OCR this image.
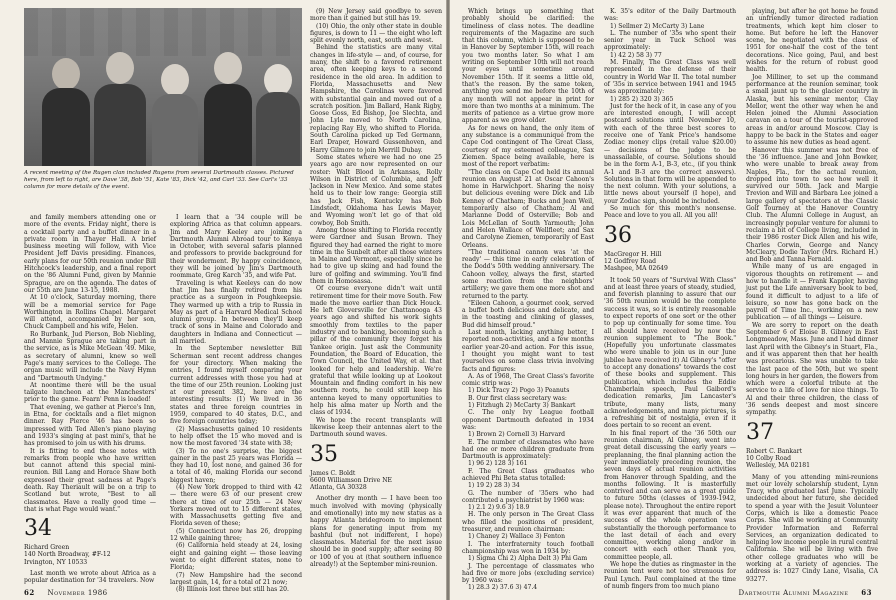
A recent meeting of the Rugen clan included Rugens from several Dartmouth classes. Pictured here, from left to right, are Dave '38, Bob '51, Kate '83, Dick '42, and Carl '33. See Carl's '33 column for more details of the event.

and family members attending one or more of the events. Friday night, there is a cocktail party and a buffet dinner in a private room in Thayer Hall. A brief business meeting will follow, with Vice President Jeff Davis presiding. Finances, early plans for our 50th reunion under Bill Hitchcock's leadership, and a final report on the '86 Alumni Fund, given by Mannie Sprague, are on the agenda. The dates of our 55th are June 13-15, 1988.

At 10 o'clock, Saturday morning, there will be a memorial service for Page Worthington in Rollins Chapel. Margaret will attend, accompanied by her son, Chuck Campbell and his wife, Helen.

Ro Burbank, Jud Pierson, Bob Niebling, and Mannie Sprague are taking part in the service, as is Mike McGean '49. Mike, as secretary of alumni, knew so well Page's many services to the College. The organ music will include the Navy Hymn and "Dartmouth Undying."

At noontime there will be the usual tailgate luncheon at the Manchesters' prior to the game. Fearn' Penn is loaded!

That evening, we gather at Pierce's Inn, in Etna, for cocktails and a filet mignon dinner. Ray Pierce '46 has been so impressed with Ted Allen's piano playing and 1933's singing at past mini's, that he has promised to join us with his drums.

It is fitting to end these notes with remarks from people who have written but cannot attend this special mini-reunion. Bill Lang and Horace Shaw both expressed their great sadness at Page's death. Ray Theriault will be on a trip to Scotland but wrote, "Best to all classmates. Have a really good time — that is what Page would want."

34
Richard Green
140 North Broadway, #F-12
Irvington, NY 10533

Last month we wrote about Africa as a popular destination for '34 travelers. Now

I learn that a '34 couple will be exploring Africa as that column appears. Jim and Mary Keeley are joining a Dartmouth Alumni Abroad tour to Kenya in October, with several safaris planned and professors to provide background for their wonderment. By happy coincidence, they will be joined by Jim's Dartmouth roommate, Greg Karch '35, and wife Pat.

Traveling is what Keeleys can do now that Jim has finally retired from his practice as a surgeon in Poughkeepsie. They warmed up with a trip to Russia in May as part of a Harvard Medical School alumni group. In between they'll keep track of sons in Maine and Colorado and daughters in Indiana and Connecticut — all married.

In the September newsletter Bill Scherman sent recent address changes for your directory. When making the entries, I found myself comparing your current addresses with those you had at the time of our 25th reunion. Looking just at our present 382, here are the interesting results: (1) We lived in 36 states and three foreign countries in 1959, compared to 40 states, D.C., and five foreign countries today;

(2) Massachusetts gained 10 residents to help offset the 15 who moved and is now the most favored '34 state with 38;

(3) To no one's surprise, the biggest gainer in the past 25 years was Florida — they had 10, lost none, and gained 36 for a total of 46, making Florida our second biggest haven;

(4) New York dropped to third with 42 — there were 63 of our present crew there at time of our 25th — 24 New Yorkers moved out to 15 different states, with Massachusetts getting five and Florida seven of these;

(5) Connecticut now has 26, dropping 12 while gaining three;

(6) California held steady at 24, losing eight and gaining eight — those leaving went to eight different states, none to Florida;

(7) New Hampshire had the second largest gain, 14, for a total of 21 now;

(8) Illinois lost three but still has 20.

(9) New Jersey said goodbye to seven more than it gained but still has 19.

(10) Ohio, the only other state in double figures, is down to 11 — the eight who left split evenly north, east, south and west.

Behind the statistics are many vital changes in life-style — and, of course, for many, the shift to a favored retirement area, often keeping keys to a second residence in the old area. In addition to Florida, Massachusetts and New Hampshire, the Carolinas were favored with substantial gain and moved out of a scratch position. Jim Ballard, Hank Rigby, Goose Goss, Ed Bishop, Joe Slechta, and John Lyle moved to North Carolina, replacing Ray Ely, who shifted to Florida. South Carolina picked up Ted Germann, Earl Draper, Howard Gussenhoven, and Harry Gilmore to join Merrill Dubay.

Some states where we had no one 25 years ago are now represented on our roster: Walt Blood in Arkansas, Rolly Wilson in District of Columbia, and Jeff Jackson in New Mexico. And some states held us to their low range: Georgia still has Jack Fish, Kentucky has Bob Lindstedt, Oklahoma has Lewis Mayer, and Wyoming won't let go of that old cowboy, Bob Smith.

Among those shifting to Florida recently were Gardner and Susan Brown. They figured they had earned the right to more time in the Sunbelt after all those winters in Maine and Vermont, especially since he had to give up skiing and had found the lure of golfing and swimming. You'll find them in Homosassa.

Of course everyone didn't wait until retirement time for their move South. Few made the move earlier than Dick Houck. He left Gloversville for Chattanooga 43 years ago and shifted his work sights smoothly from textiles to the paper industry and to banking, becoming such a pillar of the community they forget his Yankee origin. Just ask the Community Foundation, the Board of Education, the Town Council, the United Way, et al. that looked for help and leadership. We're grateful that while looking up at Lookout Mountain and finding comfort in his new southern roots, he could still keep his antenna keyed to many opportunities to help his alma mater up North and the class of 1934.

We hope the recent transplants will likewise keep their antennas alert to the Dartmouth sound waves.

35
James C. Boldt
6600 Williamson Drive NE
Atlanta, GA 30328

Another dry month — I have been too much involved with moving (physically and emotionally) into my new status as a happy Atlanta bridegroom to implement plans for generating input from my bashful (but not indifferent, I hope) classmates. Material for the next issue should be in good supply; after seeing 80 or 100 of you at (that southern influence already!) at the September mini-reunion.

62 November 1986

Which brings up something that probably should be clarified: the timeliness of class notes. The deadline requirements of the Magazine are such that this column, which is supposed to be in Hanover by September 15th, will reach you two months later. So what I am writing on September 10th will not reach your eyes until sometime around November 15th. If it seems a little old, that's the reason. By the same token, anything you send me before the 10th of any month will not appear in print for more than two months at a minimum. The merits of patience as a virtue grow more apparent as we grow older.

As for news on hand, the only item of any substance is a communiqué from the Cape Cod contingent of The Great Class, courtesy of my esteemed colleague, Sax Ziemen. Space being available, here is most of the report verbatim:

"The class on Cape Cod held its annual reunion on August 21 at Oscar Cahoon's home in Harwichport. Sharing the noisy but delicious evening were Dick and Lib Kenney of Chatham; Bucks and Jean Weil, temporarily also of Chatham; Al and Marianne Dodd of Osterville; Bob and Lois McLellan of South Yarmouth; John and Helen Wallace of Wellfleet; and Sax and Carolyne Ziemen, temporarily of East Orleans.

"The traditional cannon was 'at the ready' — this time in early celebration of the Dodd's 50th wedding anniversary. The Cahoon volley, always the first, started some reaction from the neighbors' artillery; we gave them one more shot and returned to the party.

"Eileen Cahoon, a gourmet cook, served a buffet both delicious and delicate, and in the toasting and clinking of glasses, Bud did himself proud."

Last month, lacking anything better, I reported non-activities, and a few months earlier year-20-and action. For this issue, I thought you might want to test yourselves on some class trivia involving facts and figures:

A. As of 1968, The Great Class's favorite comic strip was:

1) Dick Tracy 2) Pogo 3) Peanuts

B. Our first class secretary was:

1) Fitzhugh 2) McCarty 3) Bankart

C. The only Ivy League football opponent Dartmouth defeated in 1934 was:

1) Brown 2) Cornell 3) Harvard

E. The number of classmates who have had one or more children graduate from Dartmouth is approximately:

1) 96 2) 128 3) 161

F. The Great Class graduates who achieved Phi Beta status totalled:

1) 19 2) 28 3) 34

G. The number of '35ers who had contributed a psychiatrist by 1960 was:

1) 2.1 2) 9.6 3) 18.9

H. The only person in The Great Class who filled the positions of president, treasurer, and reunion chairman:

1) Chaney 2) Wallace 3) Fenton

I. The interfraternity touch football championship was won in 1934 by:

1) Sigma Chi 2) Alpha Delt 3) Phi Gam

J. The percentage of classmates who had five or more jobs (excluding service) by 1960 was:

1) 28.3 2) 37.6 3) 47.4

K. 35's editor of the Daily Dartmouth was:

1) Sellmer 2) McCarty 3) Lane

L. The number of '35s who spent their senior year in Tuck School was approximately:

1) 42 2) 58 3) 77

M. Finally, The Great Class was well represented in the defense of their country in World War II. The total number of '35s in service between 1941 and 1945 was approximately:

1) 285 2) 320 3) 365

Just for the heck of it, in case any of you are interested enough, I will accept postcard solutions until November 10, with each of the three best scores to receive one of Yank Price's handsome Zodiac money clips (retail value $20.00) — decisions of the judge to be unassailable, of course. Solutions should be in the form A-1, B-3, etc., (if you think A-1 and B-3 are the correct answers). Solutions in that form will be appended to the next column. With your solutions, a little news about yourself (I hope), and your Zodiac sign, should be included.

So much for this month's nonsense. Peace and love to you all. All you all!

36
MacGregor H. Hill
12 Godfrey Road
Mashpee, MA 02649

It took 50 years of "Survival With Class" and at least three years of steady, studied, and feverish planning to assure that our '36 50th reunion would be the complete success it was, so it is entirely reasonable to expect reports of one sort or the other to pop up continually for some time. You all should have received by now the reunion supplement to "The Book." (Hopefully you unfortunate classmates who were unable to join us in our June jubilee have received it) Al Gibney's "offer to accept any donations" towards the cost of these books and supplement. This publication, which includes the Eddie Chamberlain speech, Paul Gaibord's dedication remarks, Jim Lancaster's tribute, many lists, many acknowledgements, and many pictures, is a refreshing bit of nostalgia, even if it does pertain to so recent an event.

In his final report of the '36 50th our reunion chairman, Al Gibney, went into great detail discussing the early years — preplanning, the final planning action the year immediately preceding reunion, the seven days of actual reunion activities from Hanover through Spalding, and the months following. It is masterfully contrived and can serve as a great guide to future 50ths (classes of 1939-1942, please note). Throughout the entire report it was ever apparent that much of the success of the whole operation was substantially the thorough performance to the last detail of each and every committee, working along and/or in concert with each other. Thank you, committee people, all.

We hope the duties as ringmaster in the reunion tent were not too strenuous for Paul Lynch. Paul complained at the time of numb fingers from too much piano

playing, but after he got home he found an unfriendly tumor directed radiation treatments, which kept him closer to home. But before he left the Hanover scene, he negotiated with the class of 1951 for one-half the cost of the tent decorations. Nice going, Paul, and best wishes for the return of robust good health.

Joe Milliner, to set up the command performance at the reunion seminar, took a small jaunt up to the glacier country in Alaska, but his seminar mentor, Clay Mellor, went the other way when he and Helen joined the Alumni Association caravan on a tour of the tourist-approved areas in and/or around Moscow. Clay is happy to be back in the States and eager to assume his new duties as head agent.

Hanover this summer was not free of the '36 influence. Jane and John Bowker, who were unable to break away from Naples, Fla., for the actual reunion, dropped into town to see how well it survived our 50th. Jack and Margie Trevion and Will and Barbara Lee joined a large gallery of spectators at the Classic Golf Tourney at the Hanover Country Club. The Alumni College in August, an increasingly popular venture for alumni to reclaim a bit of College living, included in their 1986 roster Dick Allen and his wife, Charles Corwin, George and Nancy McCleary, Dodie Taylor (Mrs. Richard H.) and Bob and Tanna Fernald.

While many of us are engaged in vigorous thoughts on retirement — and how to handle it — Frank Kappler, having just put the Life anniversary book to bed, found it difficult to adjust to a life of leisure, so now has gone back on the payroll of Time Inc., working on a new publication — of all things — Leisure.

We are sorry to report on the death September 6 of Eloise B. Gibney in East Longmeadow, Mass. June and I had dinner last April with the Gibney's in Stuart, Fla., and it was apparent then that her health was precarious. She was unable to take the last pace of the 50th, but we spent long hours in her garden, the flowers from which were a colorful tribute at the service to a life of love for nice things. To Al and their three children, the class of '36 sends deepest and most sincere sympathy.

37
Robert C. Bankart
10 Colby Road
Wellesley, MA 02181

Many of you attending mini-reunions met our lovely scholarship student, Lynn Tracy, who graduated last June. Typically undecided about her future, she decided to spend a year with the Jesuit Volunteer Corps, which is like a domestic Peace Corps. She will be working at Community Provider Information and Referral Services, an organization dedicated to helping low income people in rural central California. She will be living with five other college graduates who will be working at a variety of agencies. The address is: 1027 Cindy Lane, Visalia, CA 93277.

Dartmouth Alumni Magazine 63
